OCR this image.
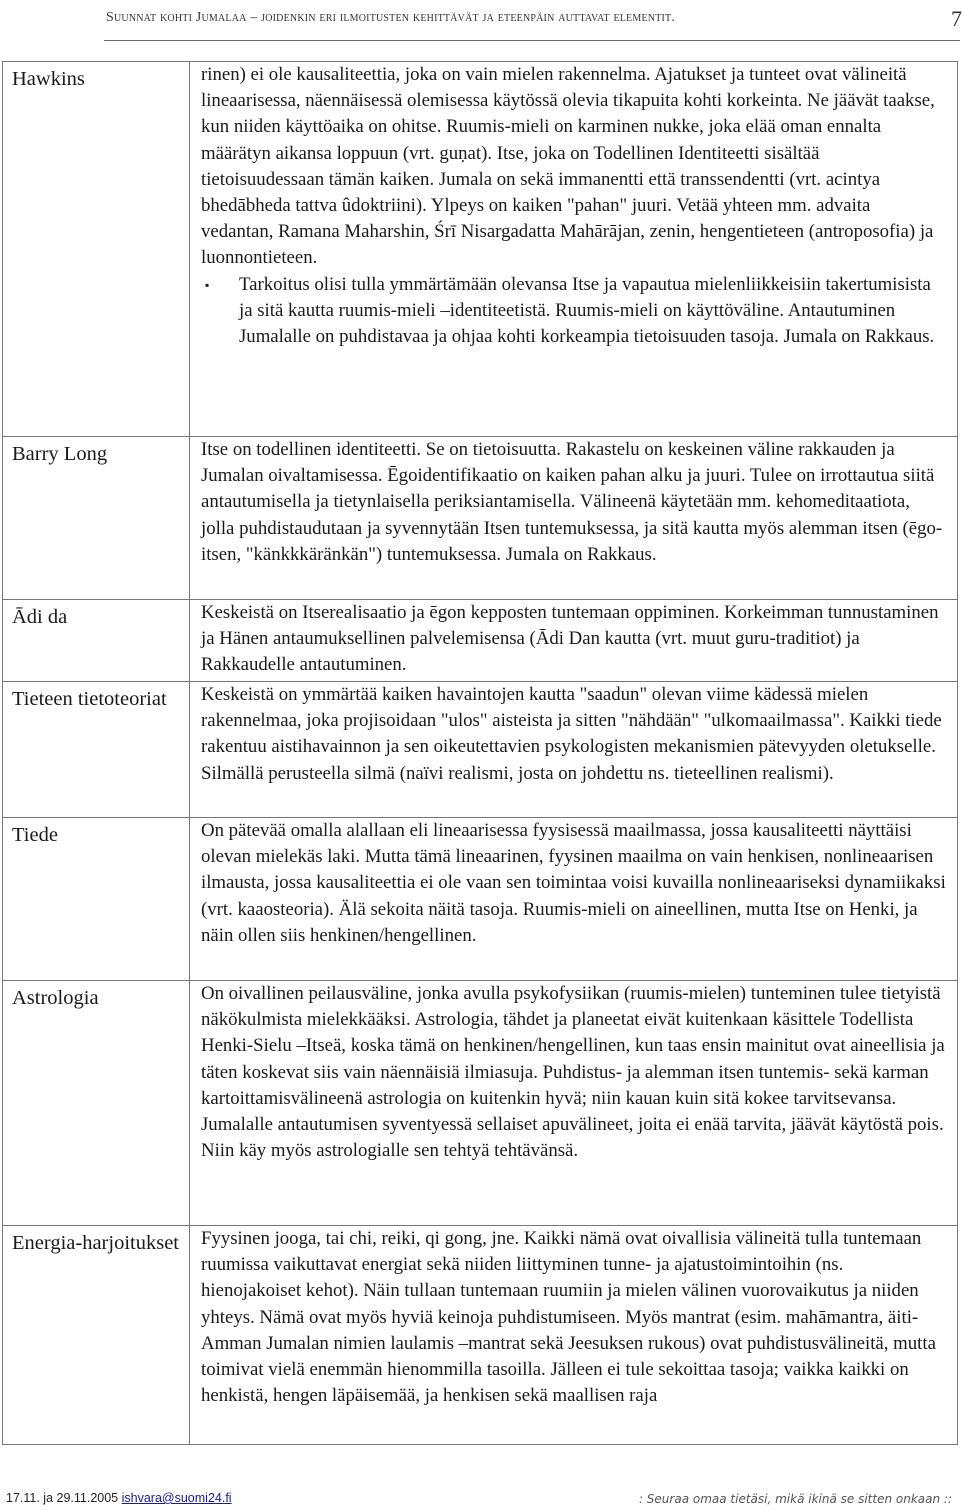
Suunnat kohti Jumalaa – joidenkin eri ilmoitusten kehittävät ja eteenpäin auttavat elementit.	7
Hawkins	rinen) ei ole kausaliteettia, joka on vain mielen rakennelma. Ajatukset ja tunteet ovat välineitä lineaarisessa, näennäisessä olemisessa käytössä olevia tikapuita kohti korkeinta. Ne jäävät taakse, kun niiden käyttöaika on ohitse. Ruumis-mieli on karminen nukke, joka elää oman ennalta määrätyn aikansa loppuun (vrt. guṇat). Itse, joka on Todellinen Identiteetti sisältää tietoisuudessaan tämän kaiken. Jumala on sekä immanentti että transsendentti (vrt. acintya bhedābheda tattva ûdoktriini). Ylpeys on kaiken "pahan" juuri. Vetää yhteen mm. advaita vedantan, Ramana Maharshin, Śrī Nisargadatta Mahārājan, zenin, hengentieteen (antroposofia) ja luonnontieteen.

▪ Tarkoitus olisi tulla ymmärtämään olevansa Itse ja vapautua mielenliikkeisiin takertumisista ja sitä kautta ruumis-mieli –identiteetistä. Ruumis-mieli on käyttöväline. Antautuminen Jumalalle on puhdistavaa ja ohjaa kohti korkeampia tietoisuuden tasoja. Jumala on Rakkaus.

Barry Long	Itse on todellinen identiteetti. Se on tietoisuutta. Rakastelu on keskeinen väline rakkauden ja Jumalan oivaltamisessa. Ēgoidentifikaatio on kaiken pahan alku ja juuri. Tulee on irrottautua siitä antautumisella ja tietynlaisella periksiantamisella. Välineenä käytetään mm. kehomeditaatiota, jolla puhdistaudutaan ja syvennytään Itsen tuntemuksessa, ja sitä kautta myös alemman itsen (ēgo-itsen, "känkkkäränkän") tuntemuksessa. Jumala on Rakkaus.

Ādi da	Keskeistä on Itserealisaatio ja ēgon kepposten tuntemaan oppiminen. Korkeimman tunnustaminen ja Hänen antaumuksellinen palvelemisensa (Ādi Dan kautta (vrt. muut guru-traditiot) ja Rakkaudelle antautuminen.

Tieteen tietoteoriat	Keskeistä on ymmärtää kaiken havaintojen kautta "saadun" olevan viime kädessä mielen rakennelmaa, joka projisoidaan "ulos" aisteista ja sitten "nähdään" "ulkomaailmassa". Kaikki tiede rakentuu aistihavainnon ja sen oikeutettavien psykologisten mekanismien pätevyyden oletukselle. Silmällä perusteella silmä (naïvi realismi, josta on johdettu ns. tieteellinen realismi).

Tiede	On pätevää omalla alallaan eli lineaarisessa fyysisessä maailmassa, jossa kausaliteetti näyttäisi olevan mielekäs laki. Mutta tämä lineaarinen, fyysinen maailma on vain henkisen, nonlineaarisen ilmausta, jossa kausaliteettia ei ole vaan sen toimintaa voisi kuvailla nonlineaariseksi dynamiikaksi (vrt. kaaosteoria). Älä sekoita näitä tasoja. Ruumis-mieli on aineellinen, mutta Itse on Henki, ja näin ollen siis henkinen/hengellinen.

Astrologia	On oivallinen peilausväline, jonka avulla psykofysiikan (ruumis-mielen) tunteminen tulee tietyistä näkökulmista mielekkääksi. Astrologia, tähdet ja planeetat eivät kuitenkaan käsittele Todellista Henki-Sielu –Itseä, koska tämä on henkinen/hengellinen, kun taas ensin mainitut ovat aineellisia ja täten koskevat siis vain näennäisiä ilmiasuja. Puhdistus- ja alemman itsen tuntemis- sekä karman kartoittamisvälineenä astrologia on kuitenkin hyvä; niin kauan kuin sitä kokee tarvitsevansa. Jumalalle antautumisen syventyessä sellaiset apuvälineet, joita ei enää tarvita, jäävät käytöstä pois. Niin käy myös astrologialle sen tehtyä tehtävänsä.

Energia-harjoitukset	Fyysinen jooga, tai chi, reiki, qi gong, jne. Kaikki nämä ovat oivallisia välineitä tulla tuntemaan ruumissa vaikuttavat energiat sekä niiden liittyminen tunne- ja ajatustoimintoihin (ns. hienojakoiset kehot). Näin tullaan tuntemaan ruumiin ja mielen välinen vuorovaikutus ja niiden yhteys. Nämä ovat myös hyviä keinoja puhdistumiseen. Myös mantrat (esim. mahāmantra, äiti-Amman Jumalan nimien laulamis –mantrat sekä Jeesuksen rukous) ovat puhdistusvälineitä, mutta toimivat vielä enemmän hienommilla tasoilla. Jälleen ei tule sekoittaa tasoja; vaikka kaikki on henkistä, hengen läpäisemää, ja henkisen sekä maallisen raja

17.11. ja 29.11.2005 ishvara@suomi24.fi	: Seuraa omaa tietäsi, mikä ikinä se sitten onkaan ::
